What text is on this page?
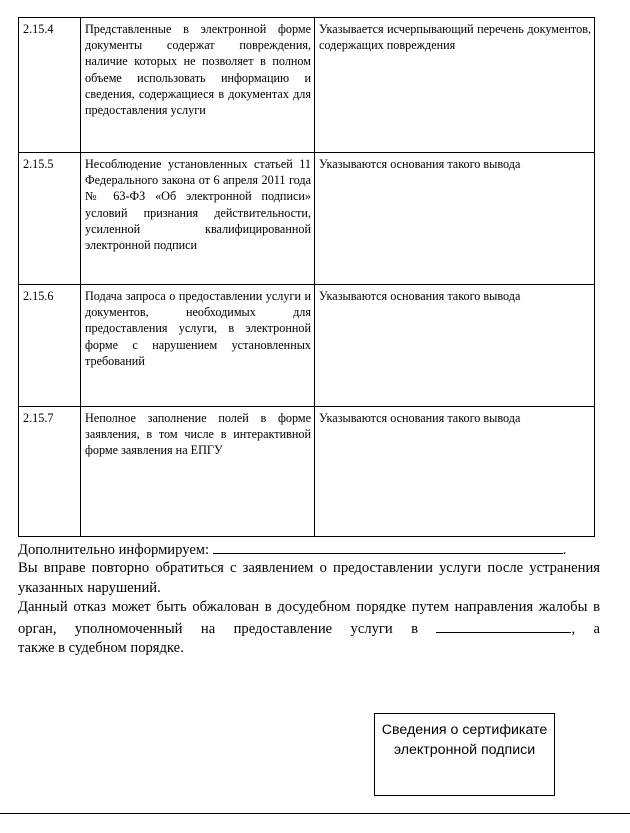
2.15.4	Представленные в электронной форме документы содержат повреждения, наличие которых не позволяет в полном объеме использовать информацию и сведения, содержащиеся в документах для предоставления услуги	Указывается исчерпывающий перечень документов, содержащих повреждения
2.15.5	Несоблюдение установленных статьей 11 Федерального закона от 6 апреля 2011 года № 63-ФЗ «Об электронной подписи» условий признания действительности, усиленной квалифицированной электронной подписи	Указываются основания такого вывода
2.15.6	Подача запроса о предоставлении услуги и документов, необходимых для предоставления услуги, в электронной форме с нарушением установленных требований	Указываются основания такого вывода
2.15.7	Неполное заполнение полей в форме заявления, в том числе в интерактивной форме заявления на ЕПГУ	Указываются основания такого вывода
Дополнительно информируем:	.
Вы вправе повторно обратиться с заявлением о предоставлении услуги после устранения указанных нарушений.
Данный отказ может быть обжалован в досудебном порядке путем направления жалобы в орган, уполномоченный на предоставление услуги в	, а
также в судебном порядке.
Сведения о сертификате электронной подписи
